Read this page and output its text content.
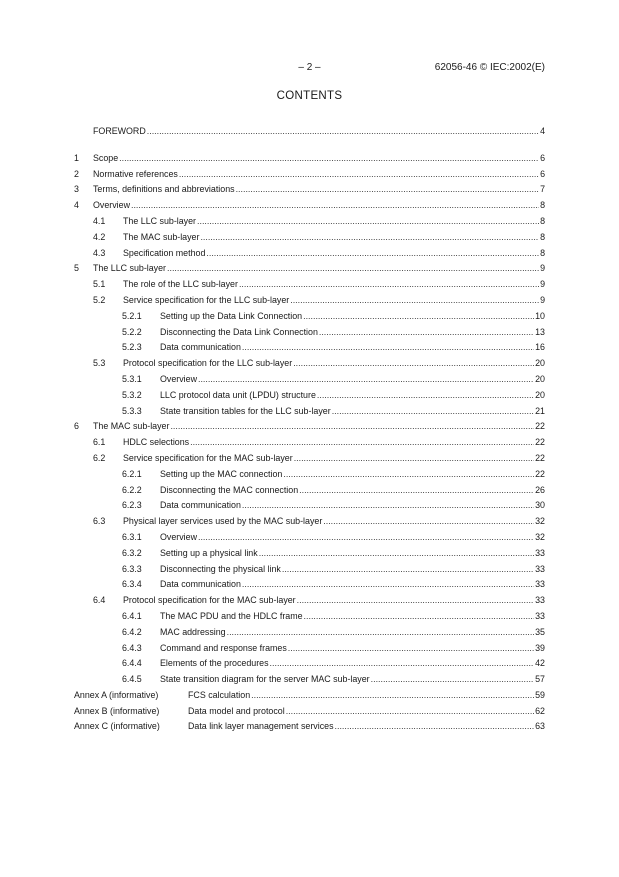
– 2 –	62056-46 © IEC:2002(E)
CONTENTS
FOREWORD .....	4
1	Scope .....	6
2	Normative references .....	6
3	Terms, definitions and abbreviations .....	7
4	Overview .....	8
4.1	The LLC sub-layer .....	8
4.2	The MAC sub-layer .....	8
4.3	Specification method .....	8
5	The LLC sub-layer .....	9
5.1	The role of the LLC sub-layer .....	9
5.2	Service specification for the LLC sub-layer .....	9
5.2.1	Setting up the Data Link Connection .....	10
5.2.2	Disconnecting the Data Link Connection .....	13
5.2.3	Data communication .....	16
5.3	Protocol specification for the LLC sub-layer .....	20
5.3.1	Overview .....	20
5.3.2	LLC protocol data unit (LPDU) structure .....	20
5.3.3	State transition tables for the LLC sub-layer .....	21
6	The MAC sub-layer .....	22
6.1	HDLC selections .....	22
6.2	Service specification for the MAC sub-layer .....	22
6.2.1	Setting up the MAC connection .....	22
6.2.2	Disconnecting the MAC connection .....	26
6.2.3	Data communication .....	30
6.3	Physical layer services used by the MAC sub-layer .....	32
6.3.1	Overview .....	32
6.3.2	Setting up a physical link .....	33
6.3.3	Disconnecting the physical link .....	33
6.3.4	Data communication .....	33
6.4	Protocol specification for the MAC sub-layer .....	33
6.4.1	The MAC PDU and the HDLC frame .....	33
6.4.2	MAC addressing .....	35
6.4.3	Command and response frames .....	39
6.4.4	Elements of the procedures .....	42
6.4.5	State transition diagram for the server MAC sub-layer .....	57
Annex A (informative)	FCS calculation .....	59
Annex B (informative)	Data model and protocol .....	62
Annex C (informative)	Data link layer management services .....	63
